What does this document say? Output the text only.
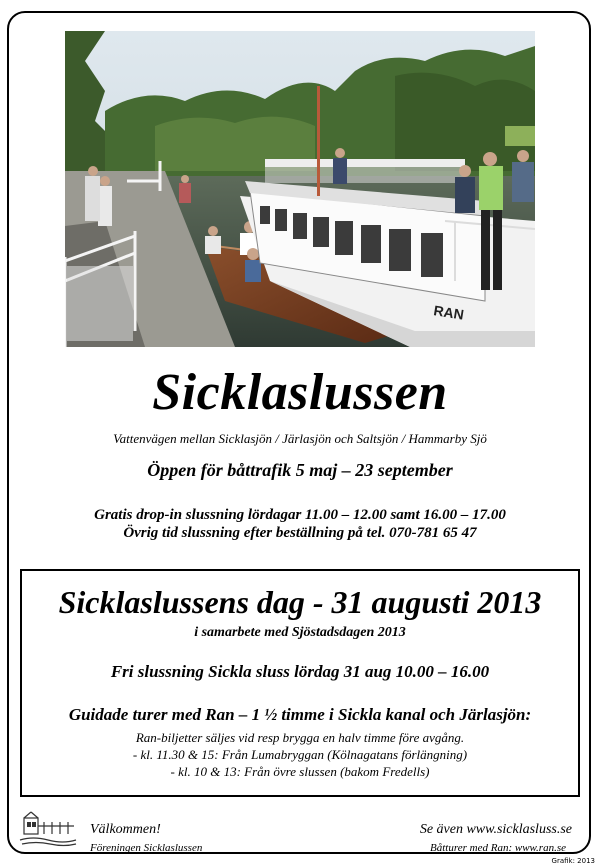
RAN
Sicklaslussen
Vattenvägen mellan Sicklasjön / Järlasjön och Saltsjön / Hammarby Sjö
Öppen för båttrafik 5 maj – 23 september
Gratis drop-in slussning lördagar 11.00 – 12.00 samt 16.00 – 17.00
Övrig tid slussning efter beställning på tel. 070-781 65 47
Sicklaslussens dag - 31 augusti 2013
i samarbete med Sjöstadsdagen 2013
Fri slussning Sickla sluss lördag 31 aug 10.00 – 16.00
Guidade turer med Ran – 1 ½ timme i Sickla kanal och Järlasjön:
Ran-biljetter säljes vid resp brygga en halv timme före avgång.
- kl. 11.30 & 15: Från Lumabryggan (Kölnagatans förlängning)
- kl. 10 & 13: Från övre slussen (bakom Fredells)
Välkommen!
Föreningen Sicklaslussen
Se även www.sicklasluss.se
Båtturer med Ran: www.ran.se
Grafik: 2013
